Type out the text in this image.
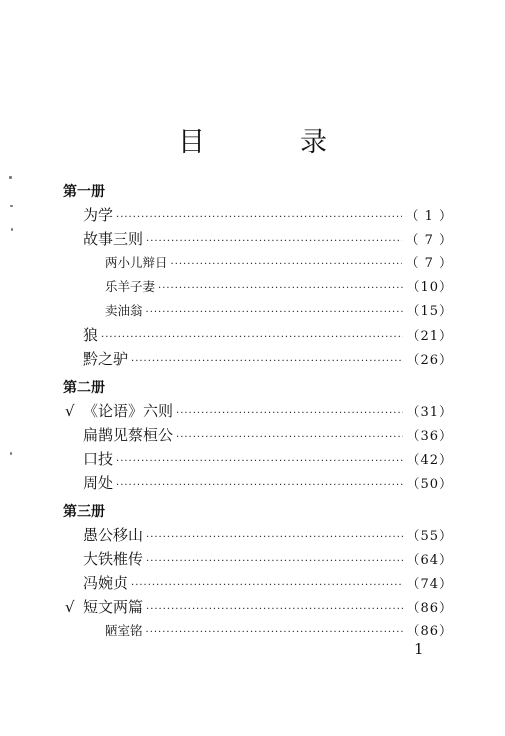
目　录
第一册
为学 ·····	（ 1 ）
故事三则 ·····	（ 7 ）
两小儿辩日 ·····	（ 7 ）
乐羊子妻 ·····	（10）
卖油翁 ·····	（15）
狼 ·····	（21）
黔之驴 ·····	（26）
第二册
√ 《论语》六则 ·····	（31）
扁鹊见蔡桓公 ·····	（36）
口技 ·····	（42）
周处 ·····	（50）
第三册
愚公移山 ·····	（55）
大铁椎传 ·····	（64）
冯婉贞 ·····	（74）
√ 短文两篇 ·····	（86）
陋室铭 ·····	（86）
1
